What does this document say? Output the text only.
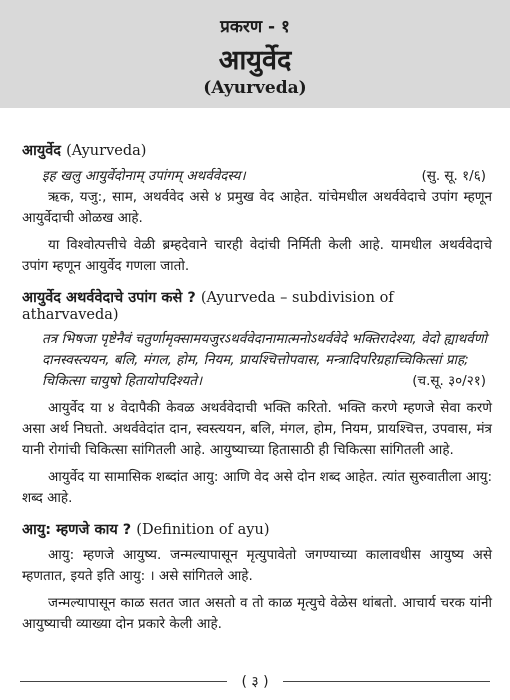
प्रकरण - १
आयुर्वेद
(Ayurveda)

आयुर्वेद (Ayurveda)

इह खलु आयुर्वेदोनाम् उपांगम् अथर्ववेदस्य।	(सु. सू. १/६)

ऋक, यजु:, साम, अथर्ववेद असे ४ प्रमुख वेद आहेत. यांचेमधील अथर्ववेदाचे उपांग म्हणून आयुर्वेदाची ओळख आहे.

या विश्वोत्पत्तीचे वेळी ब्रम्हदेवाने चारही वेदांची निर्मिती केली आहे. यामधील अथर्ववेदाचे उपांग म्हणून आयुर्वेद गणला जातो.

आयुर्वेद अथर्ववेदाचे उपांग कसे ? (Ayurveda – subdivision of atharvaveda)

तत्र भिषजा पृष्टेनैवं चतुर्णामृक्सामयजुरऽथर्ववेदानामात्मनोऽथर्ववेदे भक्तिरादेश्या, वेदो ह्याथर्वणो दानस्वस्त्ययन, बलि, मंगल, होम, नियम, प्रायश्चित्तोपवास, मन्त्रादिपरिग्रहाच्चिकित्सां प्राह; चिकित्सा चायुषो हितायोपदिश्यते।	(च.सू. ३०/२१)

आयुर्वेद या ४ वेदापैकी केवळ अथर्ववेदाची भक्ति करितो. भक्ति करणे म्हणजे सेवा करणे असा अर्थ निघतो. अथर्ववेदांत दान, स्वस्त्ययन, बलि, मंगल, होम, नियम, प्रायश्चित्त, उपवास, मंत्र यानी रोगांची चिकित्सा सांगितली आहे. आयुष्याच्या हितासाठी ही चिकित्सा सांगितली आहे.

आयुर्वेद या सामासिक शब्दांत आयु: आणि वेद असे दोन शब्द आहेत. त्यांत सुरुवातीला आयु: शब्द आहे.

आयु: म्हणजे काय ? (Definition of ayu)

आयु: म्हणजे आयुष्य. जन्मल्यापासून मृत्युपावेतो जगण्याच्या कालावधीस आयुष्य असे म्हणतात, इयते इति आयु: । असे सांगितले आहे.

जन्मल्यापासून काळ सतत जात असतो व तो काळ मृत्युचे वेळेस थांबतो. आचार्य चरक यांनी आयुष्याची व्याख्या दोन प्रकारे केली आहे.

( ३ )
